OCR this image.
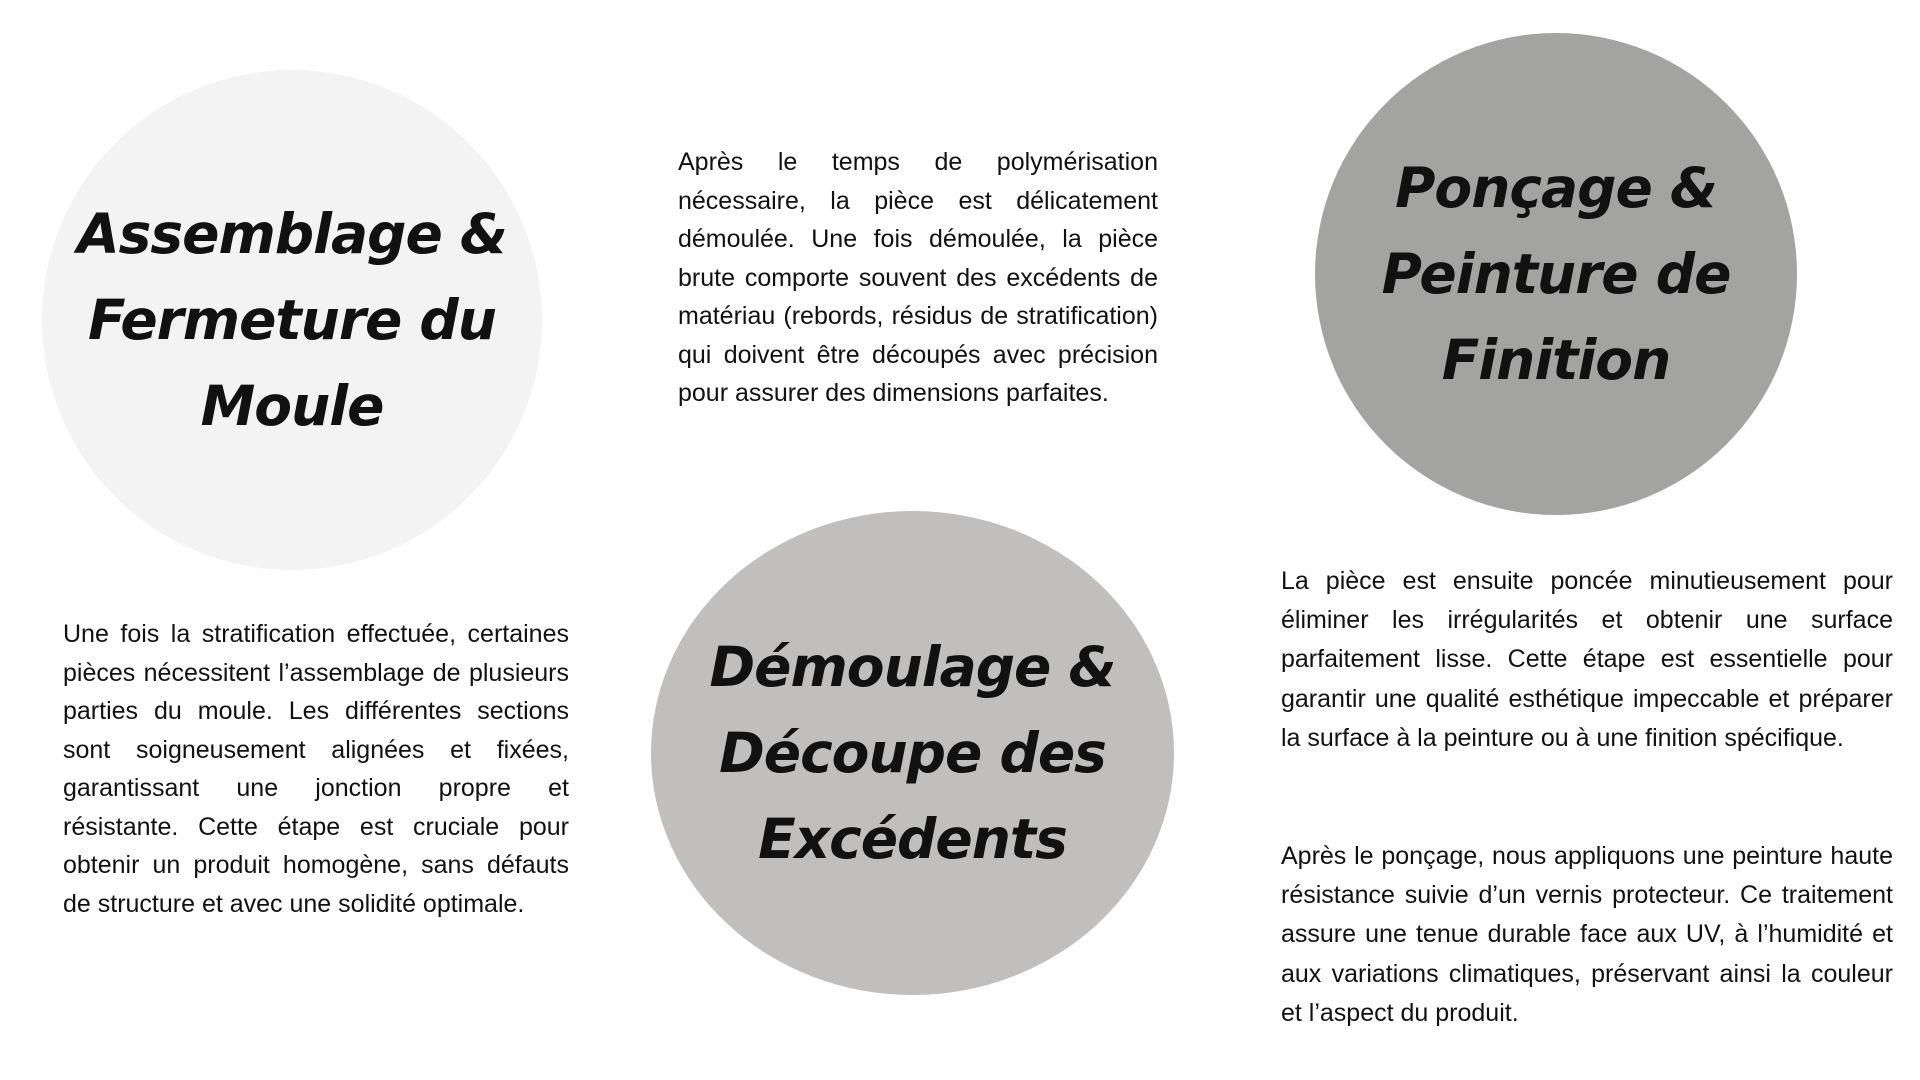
Assemblage & Fermeture du Moule

Une fois la stratification effectuée, certaines pièces nécessitent l’assemblage de plusieurs parties du moule. Les différentes sections sont soigneusement alignées et fixées, garantissant une jonction propre et résistante. Cette étape est cruciale pour obtenir un produit homogène, sans défauts de structure et avec une solidité optimale.

Après le temps de polymérisation nécessaire, la pièce est délicatement démoulée. Une fois démoulée, la pièce brute comporte souvent des excédents de matériau (rebords, résidus de stratification) qui doivent être découpés avec précision pour assurer des dimensions parfaites.

Démoulage & Découpe des Excédents
Ponçage & Peinture de Finition

La pièce est ensuite poncée minutieusement pour éliminer les irrégularités et obtenir une surface parfaitement lisse. Cette étape est essentielle pour garantir une qualité esthétique impeccable et préparer la surface à la peinture ou à une finition spécifique.

Après le ponçage, nous appliquons une peinture haute résistance suivie d’un vernis protecteur. Ce traitement assure une tenue durable face aux UV, à l’humidité et aux variations climatiques, préservant ainsi la couleur et l’aspect du produit.
